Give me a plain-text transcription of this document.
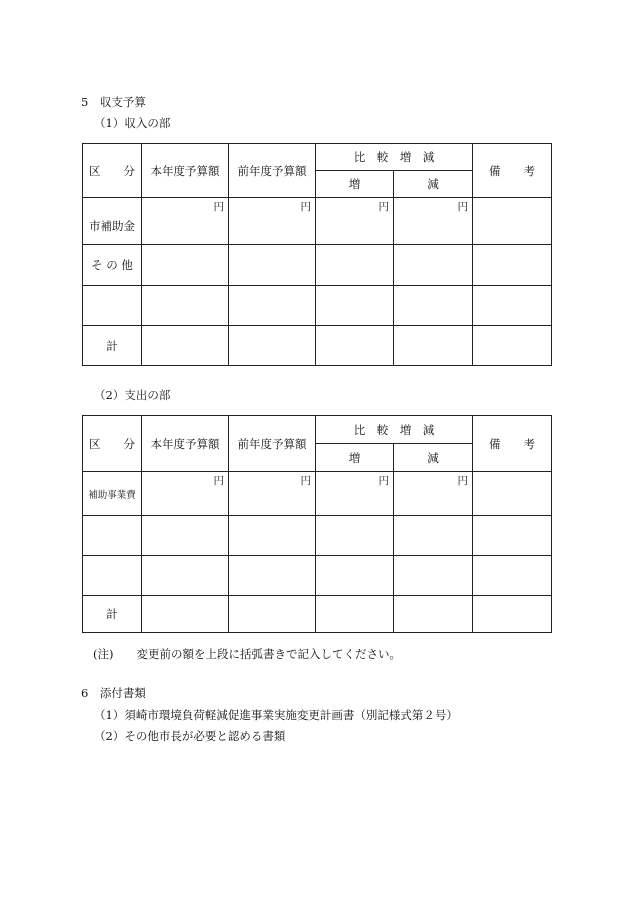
5　収支予算
（1）収入の部
区　　分	本年度予算額	前年度予算額	比　較　増　減		備　　考
			増	減	
市補助金	円	円	円	円	

そ の 他					

計					
（2）支出の部
区　　分	本年度予算額	前年度予算額	比　較　増　減		備　　考
			増	減	
補助事業費	円	円	円	円	

計					
(注)　　変更前の額を上段に括弧書きで記入してください。
6　添付書類
（1）須崎市環境負荷軽減促進事業実施変更計画書（別記様式第２号）
（2）その他市長が必要と認める書類
